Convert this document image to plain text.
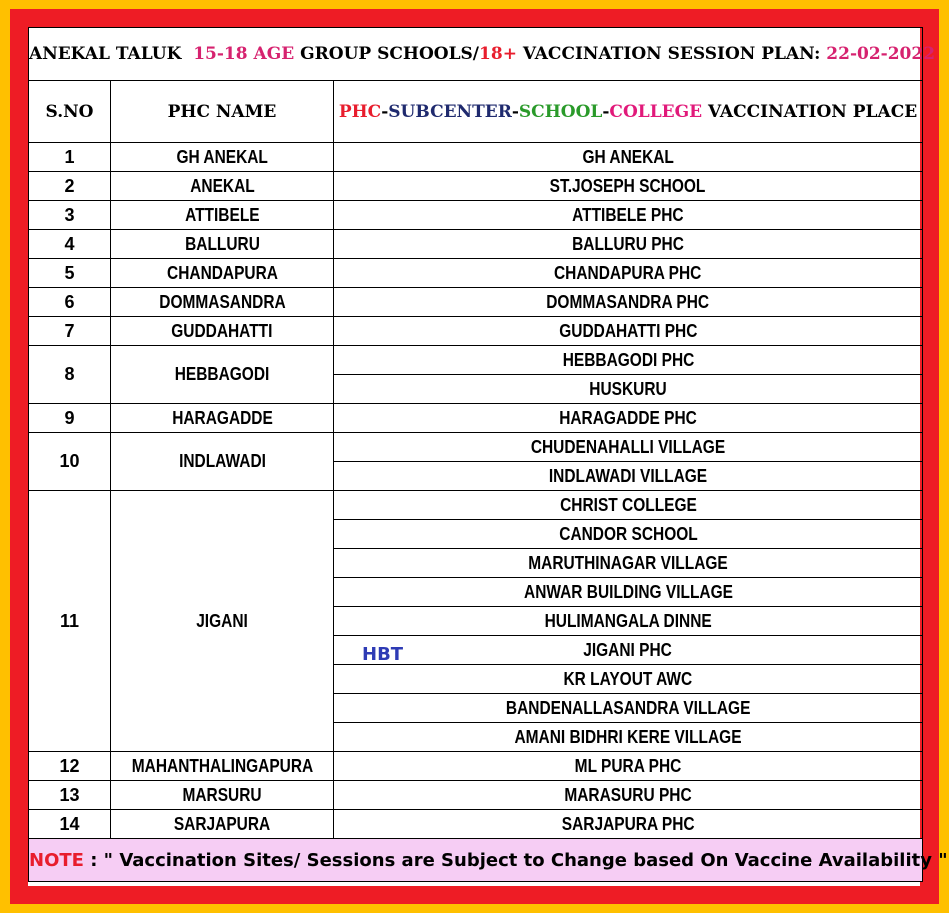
ANEKAL TALUK 15-18 AGE GROUP SCHOOLS/18+ VACCINATION SESSION PLAN: 22-02-2022		
S.NO	PHC NAME	PHC-SUBCENTER-SCHOOL-COLLEGE VACCINATION PLACE
1	GH ANEKAL	GH ANEKAL
2	ANEKAL	ST.JOSEPH SCHOOL
3	ATTIBELE	ATTIBELE PHC
4	BALLURU	BALLURU PHC
5	CHANDAPURA	CHANDAPURA PHC
6	DOMMASANDRA	DOMMASANDRA PHC
7	GUDDAHATTI	GUDDAHATTI PHC
8	HEBBAGODI	HEBBAGODI PHC
		HUSKURU
9	HARAGADDE	HARAGADDE PHC
10	INDLAWADI	CHUDENAHALLI VILLAGE
		INDLAWADI VILLAGE
11	JIGANI	CHRIST COLLEGE
		CANDOR SCHOOL
		MARUTHINAGAR VILLAGE
		ANWAR BUILDING VILLAGE
		HULIMANGALA DINNE
		JIGANI PHC
		KR LAYOUT AWC
		BANDENALLASANDRA VILLAGE
		AMANI BIDHRI KERE VILLAGE
12	MAHANTHALINGAPURA	ML PURA PHC
13	MARSURU	MARASURU PHC
14	SARJAPURA	SARJAPURA PHC
NOTE : " Vaccination Sites/ Sessions are Subject to Change based On Vaccine Availability "		
HBT
